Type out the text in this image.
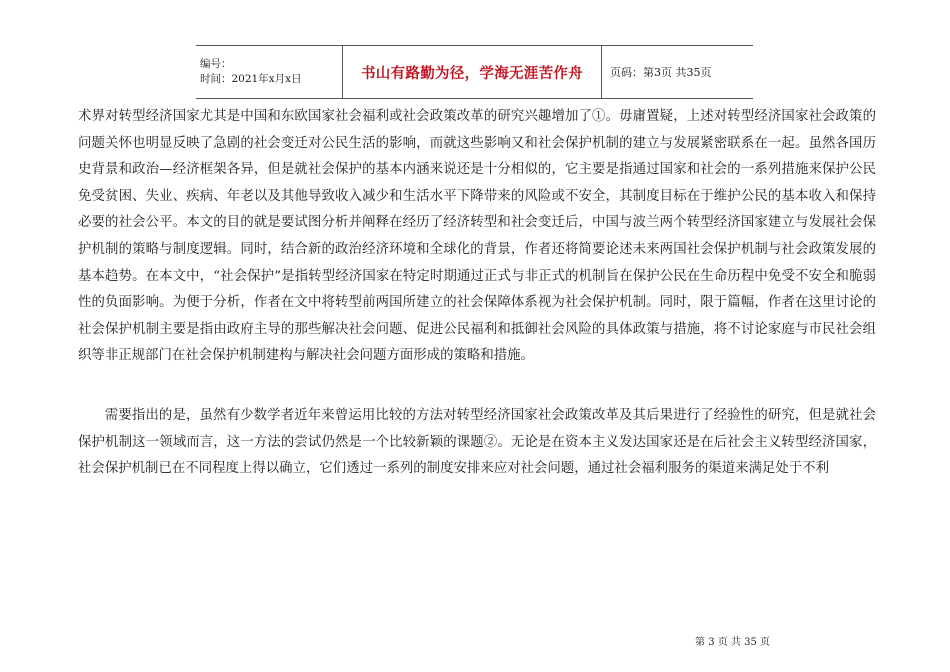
编号：
时间：2021年x月x日	书山有路勤为径，学海无涯苦作舟	页码：第3页 共35页

术界对转型经济国家尤其是中国和东欧国家社会福利或社会政策改革的研究兴趣增加了①。毋庸置疑，上述对转型经济国家社会政策的问题关怀也明显反映了急剧的社会变迁对公民生活的影响，而就这些影响又和社会保护机制的建立与发展紧密联系在一起。虽然各国历史背景和政治—经济框架各异，但是就社会保护的基本内涵来说还是十分相似的，它主要是指通过国家和社会的一系列措施来保护公民免受贫困、失业、疾病、年老以及其他导致收入减少和生活水平下降带来的风险或不安全，其制度目标在于维护公民的基本收入和保持必要的社会公平。本文的目的就是要试图分析并阐释在经历了经济转型和社会变迁后，中国与波兰两个转型经济国家建立与发展社会保护机制的策略与制度逻辑。同时，结合新的政治经济环境和全球化的背景，作者还将简要论述未来两国社会保护机制与社会政策发展的基本趋势。在本文中，“社会保护”是指转型经济国家在特定时期通过正式与非正式的机制旨在保护公民在生命历程中免受不安全和脆弱性的负面影响。为便于分析，作者在文中将转型前两国所建立的社会保障体系视为社会保护机制。同时，限于篇幅，作者在这里讨论的社会保护机制主要是指由政府主导的那些解决社会问题、促进公民福利和抵御社会风险的具体政策与措施，将不讨论家庭与市民社会组织等非正规部门在社会保护机制建构与解决社会问题方面形成的策略和措施。

需要指出的是，虽然有少数学者近年来曾运用比较的方法对转型经济国家社会政策改革及其后果进行了经验性的研究，但是就社会保护机制这一领域而言，这一方法的尝试仍然是一个比较新颖的课题②。无论是在资本主义发达国家还是在后社会主义转型经济国家，社会保护机制已在不同程度上得以确立，它们透过一系列的制度安排来应对社会问题，通过社会福利服务的渠道来满足处于不利

第 3 页 共 35 页
